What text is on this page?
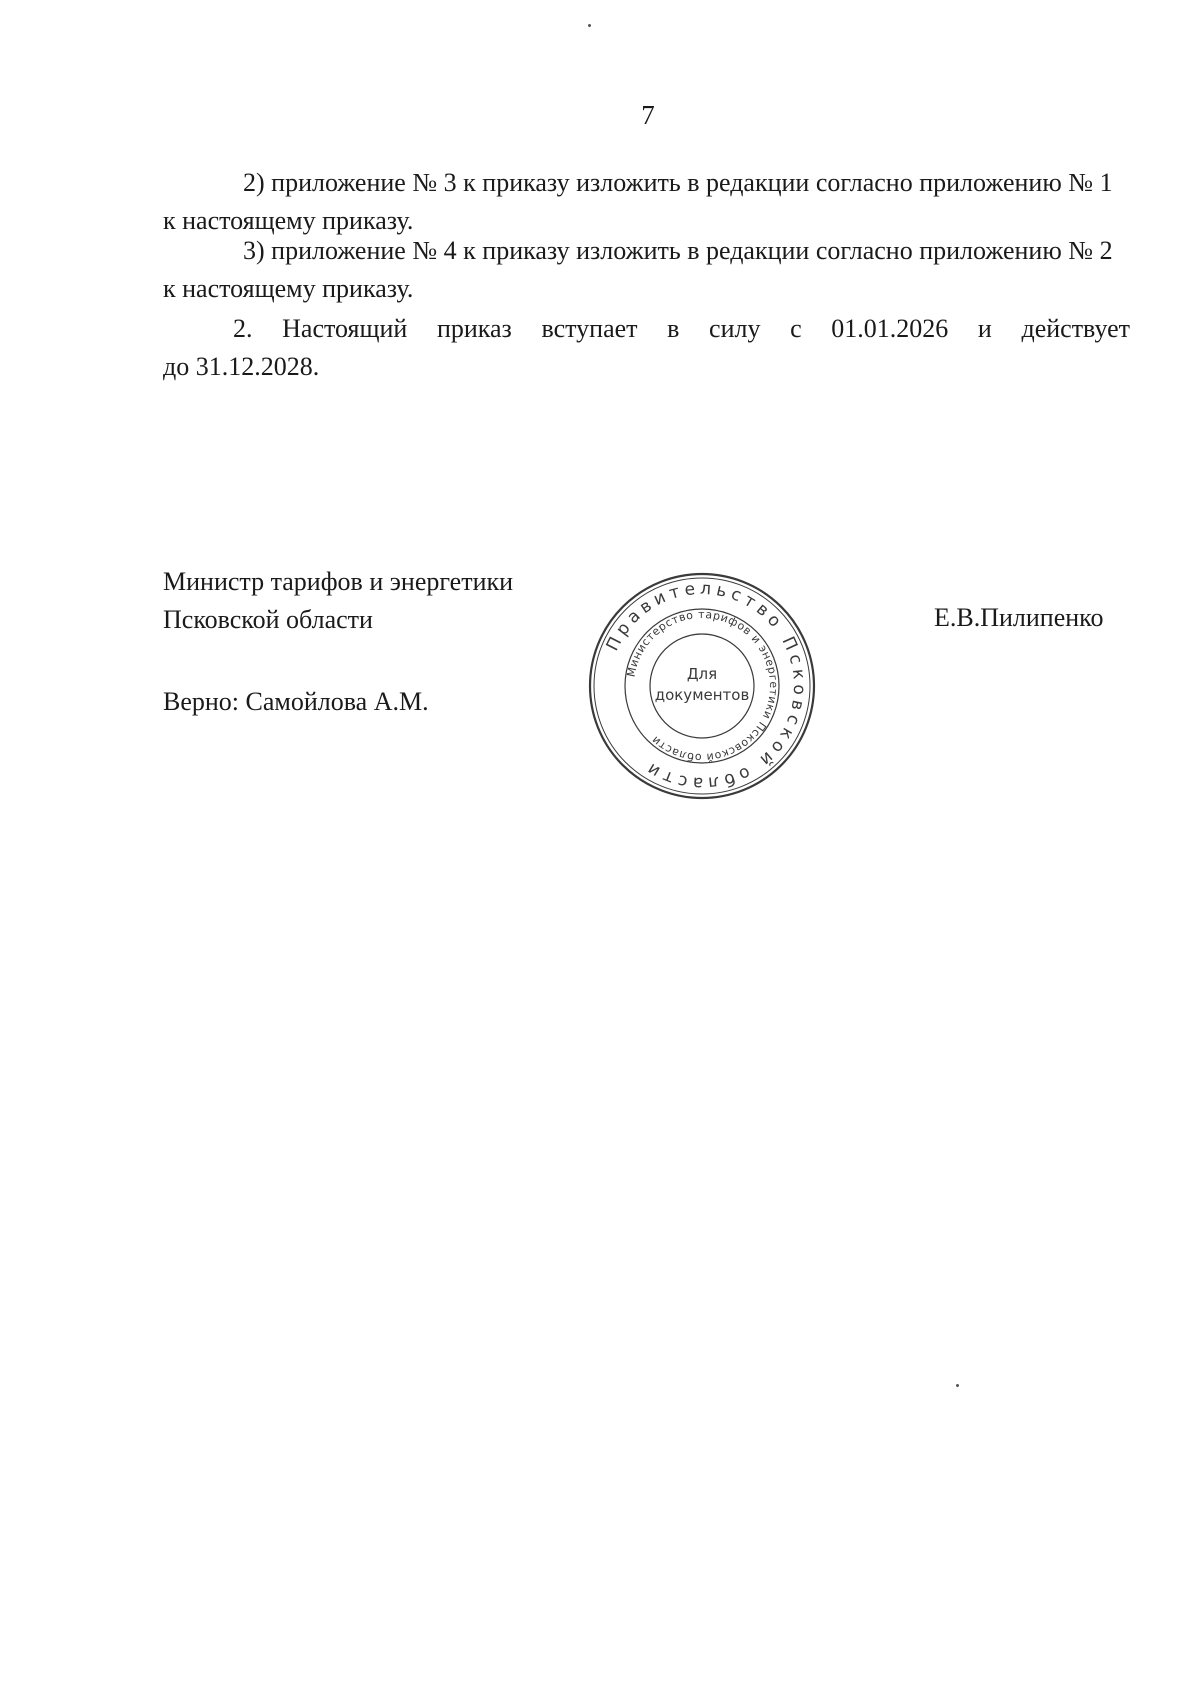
7

2) приложение № 3 к приказу изложить в редакции согласно приложению № 1 к настоящему приказу.

3) приложение № 4 к приказу изложить в редакции согласно приложению № 2 к настоящему приказу.

2. Настоящий приказ вступает в силу с 01.01.2026 и действует
до 31.12.2028.

Министр тарифов и энергетики
Псковской области	Е.В.Пилипенко
Верно: Самойлова А.М.
Правительство Псковской области
Министерство тарифов и энергетики Псковской области
Для
документов
